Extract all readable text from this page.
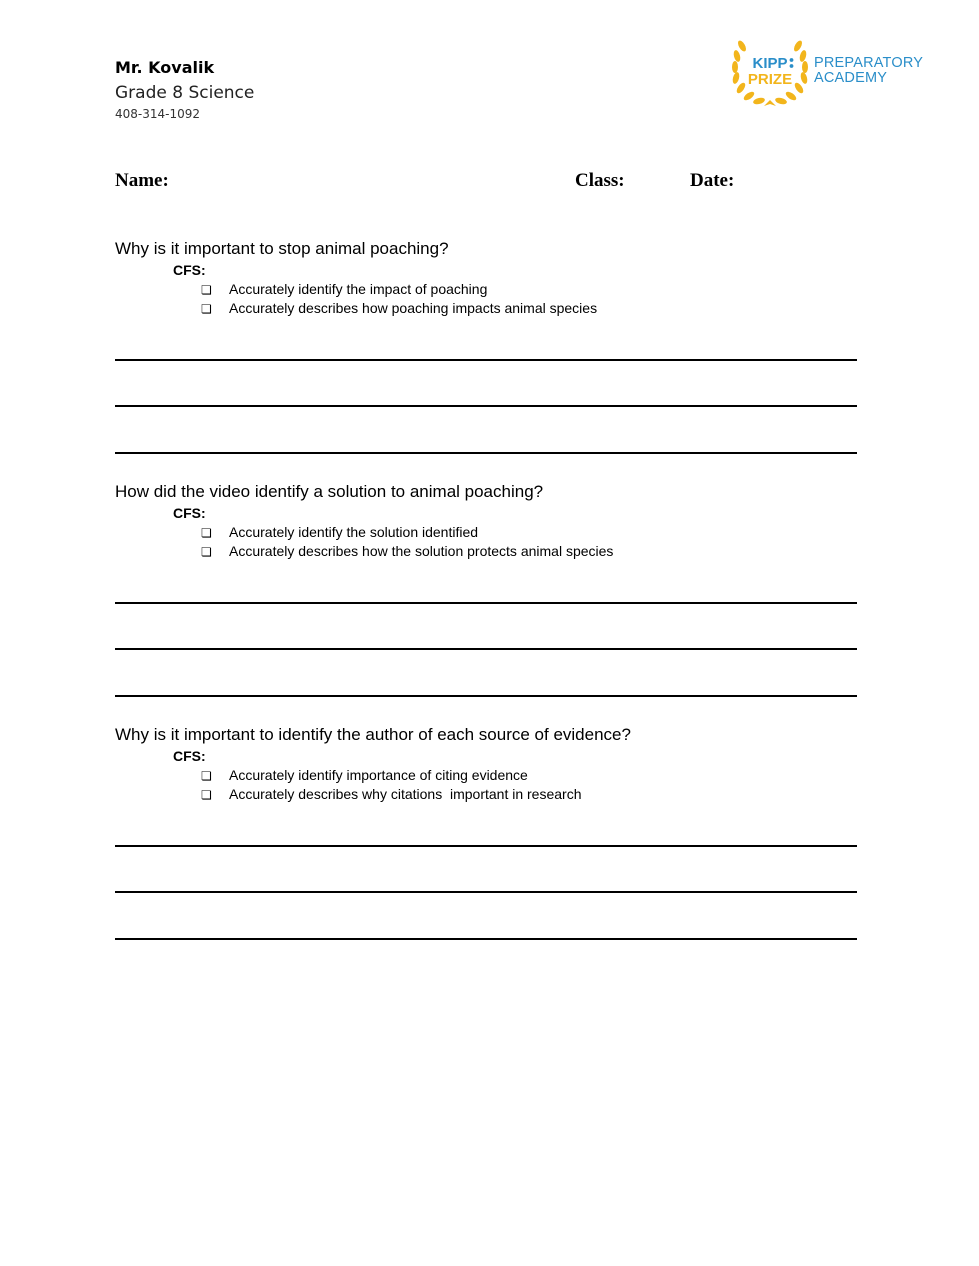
Mr. Kovalik
Grade 8 Science
408-314-1092
KIPP
PRIZE
PREPARATORY
ACADEMY
Name:	Class:	Date:
Why is it important to stop animal poaching?
CFS:
❏ Accurately identify the impact of poaching
❏ Accurately describes how poaching impacts animal species
How did the video identify a solution to animal poaching?
CFS:
❏ Accurately identify the solution identified
❏ Accurately describes how the solution protects animal species
Why is it important to identify the author of each source of evidence?
CFS:
❏ Accurately identify importance of citing evidence
❏ Accurately describes why citations  important in research
